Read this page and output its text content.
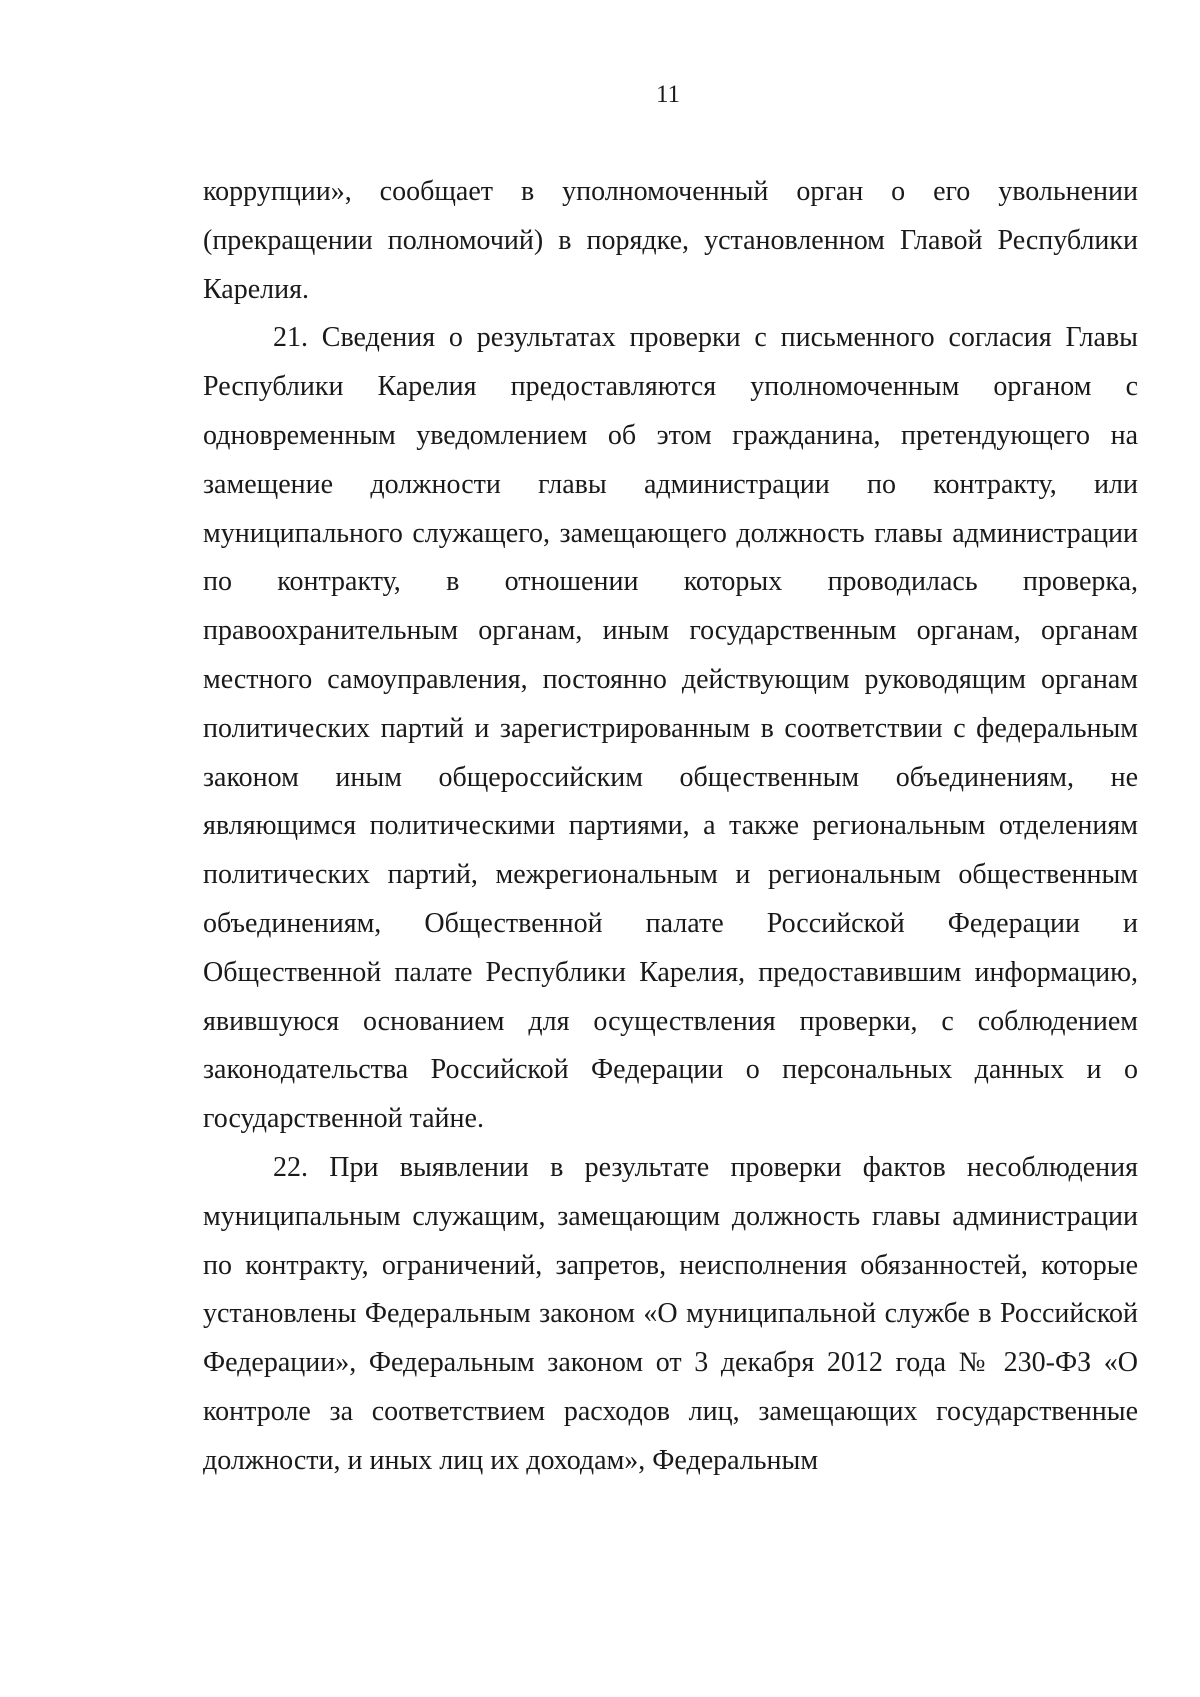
11

коррупции», сообщает в уполномоченный орган о его увольнении (прекращении полномочий) в порядке, установленном Главой Республики Карелия.

21. Сведения о результатах проверки с письменного согласия Главы Республики Карелия предоставляются уполномоченным органом с одновременным уведомлением об этом гражданина, претендующего на замещение должности главы администрации по контракту, или муниципального служащего, замещающего должность главы администрации по контракту, в отношении которых проводилась проверка, правоохранительным органам, иным государственным органам, органам местного самоуправления, постоянно действующим руководящим органам политических партий и зарегистрированным в соответствии с федеральным законом иным общероссийским общественным объединениям, не являющимся политическими партиями, а также региональным отделениям политических партий, межрегиональным и региональным общественным объединениям, Общественной палате Российской Федерации и Общественной палате Республики Карелия, предоставившим информацию, явившуюся основанием для осуществления проверки, с соблюдением законодательства Российской Федерации о персональных данных и о государственной тайне.

22. При выявлении в результате проверки фактов несоблюдения муниципальным служащим, замещающим должность главы администрации по контракту, ограничений, запретов, неисполнения обязанностей, которые установлены Федеральным законом «О муниципальной службе в Российской Федерации», Федеральным законом от 3 декабря 2012 года № 230-ФЗ «О контроле за соответствием расходов лиц, замещающих государственные должности, и иных лиц их доходам», Федеральным
